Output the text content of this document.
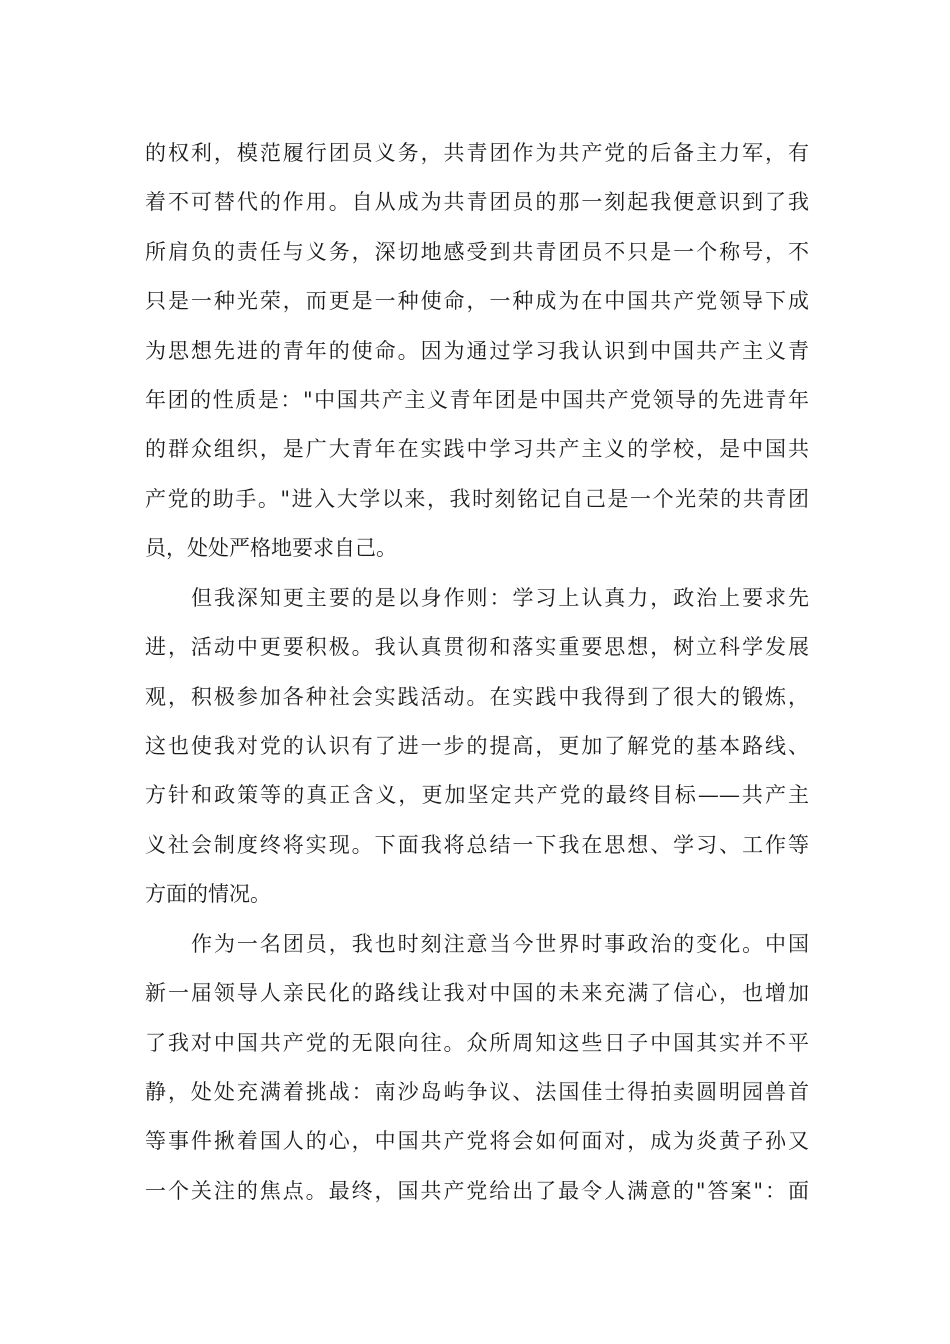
的权利，模范履行团员义务，共青团作为共产党的后备主力军，有
着不可替代的作用。自从成为共青团员的那一刻起我便意识到了我
所肩负的责任与义务，深切地感受到共青团员不只是一个称号，不
只是一种光荣，而更是一种使命，一种成为在中国共产党领导下成
为思想先进的青年的使命。因为通过学习我认识到中国共产主义青
年团的性质是："中国共产主义青年团是中国共产党领导的先进青年
的群众组织，是广大青年在实践中学习共产主义的学校，是中国共
产党的助手。"进入大学以来，我时刻铭记自己是一个光荣的共青团
员，处处严格地要求自己。
但我深知更主要的是以身作则：学习上认真力，政治上要求先
进，活动中更要积极。我认真贯彻和落实重要思想，树立科学发展
观，积极参加各种社会实践活动。在实践中我得到了很大的锻炼，
这也使我对党的认识有了进一步的提高，更加了解党的基本路线、
方针和政策等的真正含义，更加坚定共产党的最终目标——共产主
义社会制度终将实现。下面我将总结一下我在思想、学习、工作等
方面的情况。
作为一名团员，我也时刻注意当今世界时事政治的变化。中国
新一届领导人亲民化的路线让我对中国的未来充满了信心，也增加
了我对中国共产党的无限向往。众所周知这些日子中国其实并不平
静，处处充满着挑战：南沙岛屿争议、法国佳士得拍卖圆明园兽首
等事件揪着国人的心，中国共产党将会如何面对，成为炎黄子孙又
一个关注的焦点。最终，国共产党给出了最令人满意的"答案"：面
